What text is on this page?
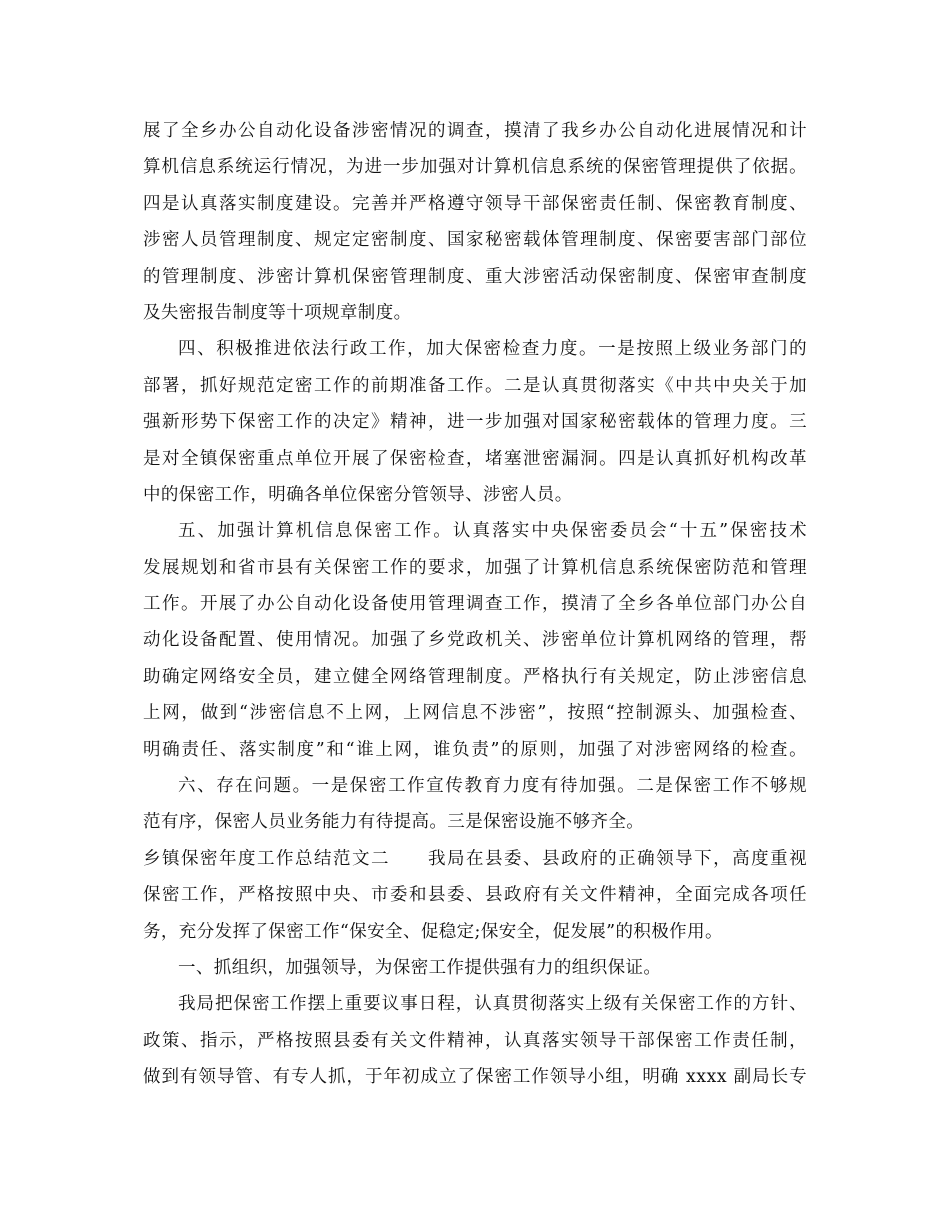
展了全乡办公自动化设备涉密情况的调查，摸清了我乡办公自动化进展情况和计
算机信息系统运行情况，为进一步加强对计算机信息系统的保密管理提供了依据。
四是认真落实制度建设。完善并严格遵守领导干部保密责任制、保密教育制度、
涉密人员管理制度、规定定密制度、国家秘密载体管理制度、保密要害部门部位
的管理制度、涉密计算机保密管理制度、重大涉密活动保密制度、保密审查制度
及失密报告制度等十项规章制度。
四、积极推进依法行政工作，加大保密检查力度。一是按照上级业务部门的
部署，抓好规范定密工作的前期准备工作。二是认真贯彻落实《中共中央关于加
强新形势下保密工作的决定》精神，进一步加强对国家秘密载体的管理力度。三
是对全镇保密重点单位开展了保密检查，堵塞泄密漏洞。四是认真抓好机构改革
中的保密工作，明确各单位保密分管领导、涉密人员。
五、加强计算机信息保密工作。认真落实中央保密委员会“十五”保密技术
发展规划和省市县有关保密工作的要求，加强了计算机信息系统保密防范和管理
工作。开展了办公自动化设备使用管理调查工作，摸清了全乡各单位部门办公自
动化设备配置、使用情况。加强了乡党政机关、涉密单位计算机网络的管理，帮
助确定网络安全员，建立健全网络管理制度。严格执行有关规定，防止涉密信息
上网，做到“涉密信息不上网，上网信息不涉密”，按照“控制源头、加强检查、
明确责任、落实制度”和“谁上网，谁负责”的原则，加强了对涉密网络的检查。
六、存在问题。一是保密工作宣传教育力度有待加强。二是保密工作不够规
范有序，保密人员业务能力有待提高。三是保密设施不够齐全。
乡镇保密年度工作总结范文二　　我局在县委、县政府的正确领导下，高度重视
保密工作，严格按照中央、市委和县委、县政府有关文件精神，全面完成各项任
务，充分发挥了保密工作“保安全、促稳定;保安全，促发展”的积极作用。
一、抓组织，加强领导，为保密工作提供强有力的组织保证。
我局把保密工作摆上重要议事日程，认真贯彻落实上级有关保密工作的方针、
政策、指示，严格按照县委有关文件精神，认真落实领导干部保密工作责任制，
做到有领导管、有专人抓，于年初成立了保密工作领导小组，明确 xxxx 副局长专
